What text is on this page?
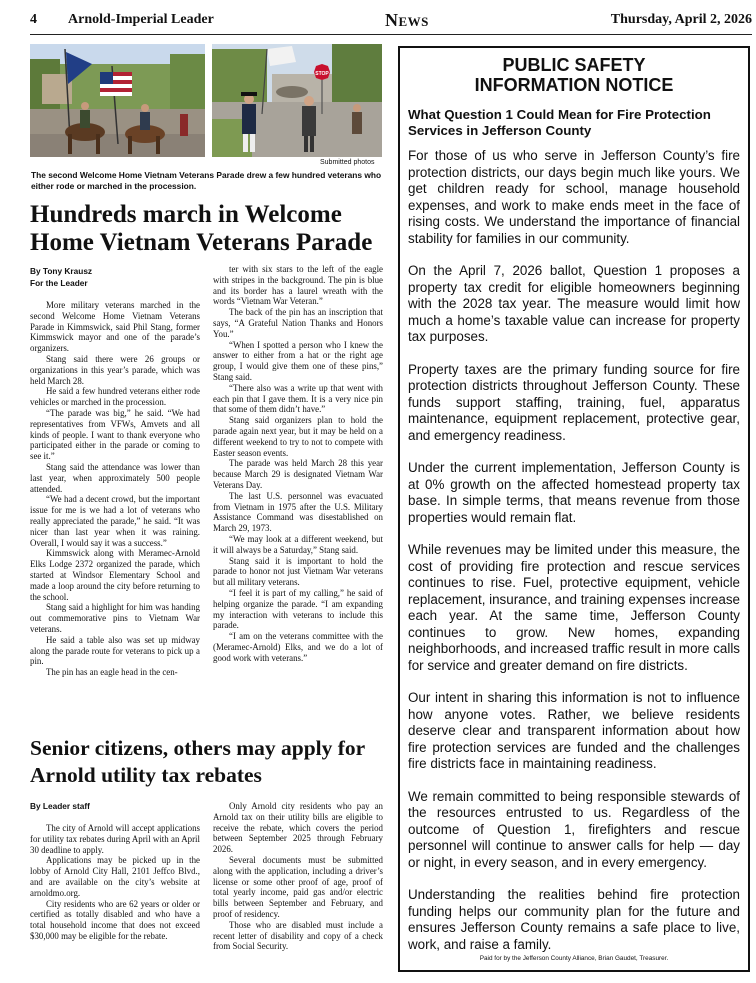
4 Arnold-Imperial Leader	News	Thursday, April 2, 2026
STOP
Submitted photos
The second Welcome Home Vietnam Veterans Parade drew a few hundred veterans who either rode or marched in the procession.
Hundreds march in Welcome Home Vietnam Veterans Parade
By Tony Krausz
For the Leader

More military veterans marched in the second Welcome Home Vietnam Veterans Parade in Kimmswick, said Phil Stang, former Kimmswick mayor and one of the parade’s organizers.

Stang said there were 26 groups or organizations in this year’s parade, which was held March 28.

He said a few hundred veterans either rode vehicles or marched in the procession.

“The parade was big,” he said. “We had representatives from VFWs, Amvets and all kinds of people. I want to thank everyone who participated either in the parade or coming to see it.”

Stang said the attendance was lower than last year, when approximately 500 people attended.

“We had a decent crowd, but the important issue for me is we had a lot of veterans who really appreciated the parade,” he said. “It was nicer than last year when it was raining. Overall, I would say it was a success.”

Kimmswick along with Meramec-Arnold Elks Lodge 2372 organized the parade, which started at Windsor Elementary School and made a loop around the city before returning to the school.

Stang said a highlight for him was handing out commemorative pins to Vietnam War veterans.

He said a table also was set up midway along the parade route for veterans to pick up a pin.

The pin has an eagle head in the cen-

ter with six stars to the left of the eagle with stripes in the background. The pin is blue and its border has a laurel wreath with the words “Vietnam War Veteran.”

The back of the pin has an inscription that says, “A Grateful Nation Thanks and Honors You.”

“When I spotted a person who I knew the answer to either from a hat or the right age group, I would give them one of these pins,” Stang said.

“There also was a write up that went with each pin that I gave them. It is a very nice pin that some of them didn’t have.”

Stang said organizers plan to hold the parade again next year, but it may be held on a different weekend to try to not to compete with Easter season events.

The parade was held March 28 this year because March 29 is designated Vietnam War Veterans Day.

The last U.S. personnel was evacuated from Vietnam in 1975 after the U.S. Military Assistance Command was disestablished on March 29, 1973.

“We may look at a different weekend, but it will always be a Saturday,” Stang said.

Stang said it is important to hold the parade to honor not just Vietnam War veterans but all military veterans.

“I feel it is part of my calling,” he said of helping organize the parade. “I am expanding my interaction with veterans to include this parade.

“I am on the veterans committee with the (Meramec-Arnold) Elks, and we do a lot of good work with veterans.”

Senior citizens, others may apply for Arnold utility tax rebates
By Leader staff

The city of Arnold will accept applications for utility tax rebates during April with an April 30 deadline to apply.

Applications may be picked up in the lobby of Arnold City Hall, 2101 Jeffco Blvd., and are available on the city’s website at arnoldmo.org.

City residents who are 62 years or older or certified as totally disabled and who have a total household income that does not exceed $30,000 may be eligible for the rebate.

Only Arnold city residents who pay an Arnold tax on their utility bills are eligible to receive the rebate, which covers the period between September 2025 through February 2026.

Several documents must be submitted along with the application, including a driver’s license or some other proof of age, proof of total yearly income, paid gas and/or electric bills between September and February, and proof of residency.

Those who are disabled must include a recent letter of disability and copy of a check from Social Security.

PUBLIC SAFETY
INFORMATION NOTICE
What Question 1 Could Mean for Fire Protection Services in Jefferson County

For those of us who serve in Jefferson County’s fire protection districts, our days begin much like yours. We get children ready for school, manage household expenses, and work to make ends meet in the face of rising costs. We understand the importance of financial stability for families in our community.

On the April 7, 2026 ballot, Question 1 proposes a property tax credit for eligible homeowners beginning with the 2028 tax year. The measure would limit how much a home’s taxable value can increase for property tax purposes.

Property taxes are the primary funding source for fire protection districts throughout Jefferson County. These funds support staffing, training, fuel, apparatus maintenance, equipment replacement, protective gear, and emergency readiness.

Under the current implementation, Jefferson County is at 0% growth on the affected homestead property tax base. In simple terms, that means revenue from those properties would remain flat.

While revenues may be limited under this measure, the cost of providing fire protection and rescue services continues to rise. Fuel, protective equipment, vehicle replacement, insurance, and training expenses increase each year. At the same time, Jefferson County continues to grow. New homes, expanding neighborhoods, and increased traffic result in more calls for service and greater demand on fire districts.

Our intent in sharing this information is not to influence how anyone votes. Rather, we believe residents deserve clear and transparent information about how fire protection services are funded and the challenges fire districts face in maintaining readiness.

We remain committed to being responsible stewards of the resources entrusted to us. Regardless of the outcome of Question 1, firefighters and rescue personnel will continue to answer calls for help — day or night, in every season, and in every emergency.

Understanding the realities behind fire protection funding helps our community plan for the future and ensures Jefferson County remains a safe place to live, work, and raise a family.

Paid for by the Jefferson County Alliance, Brian Gaudet, Treasurer.
